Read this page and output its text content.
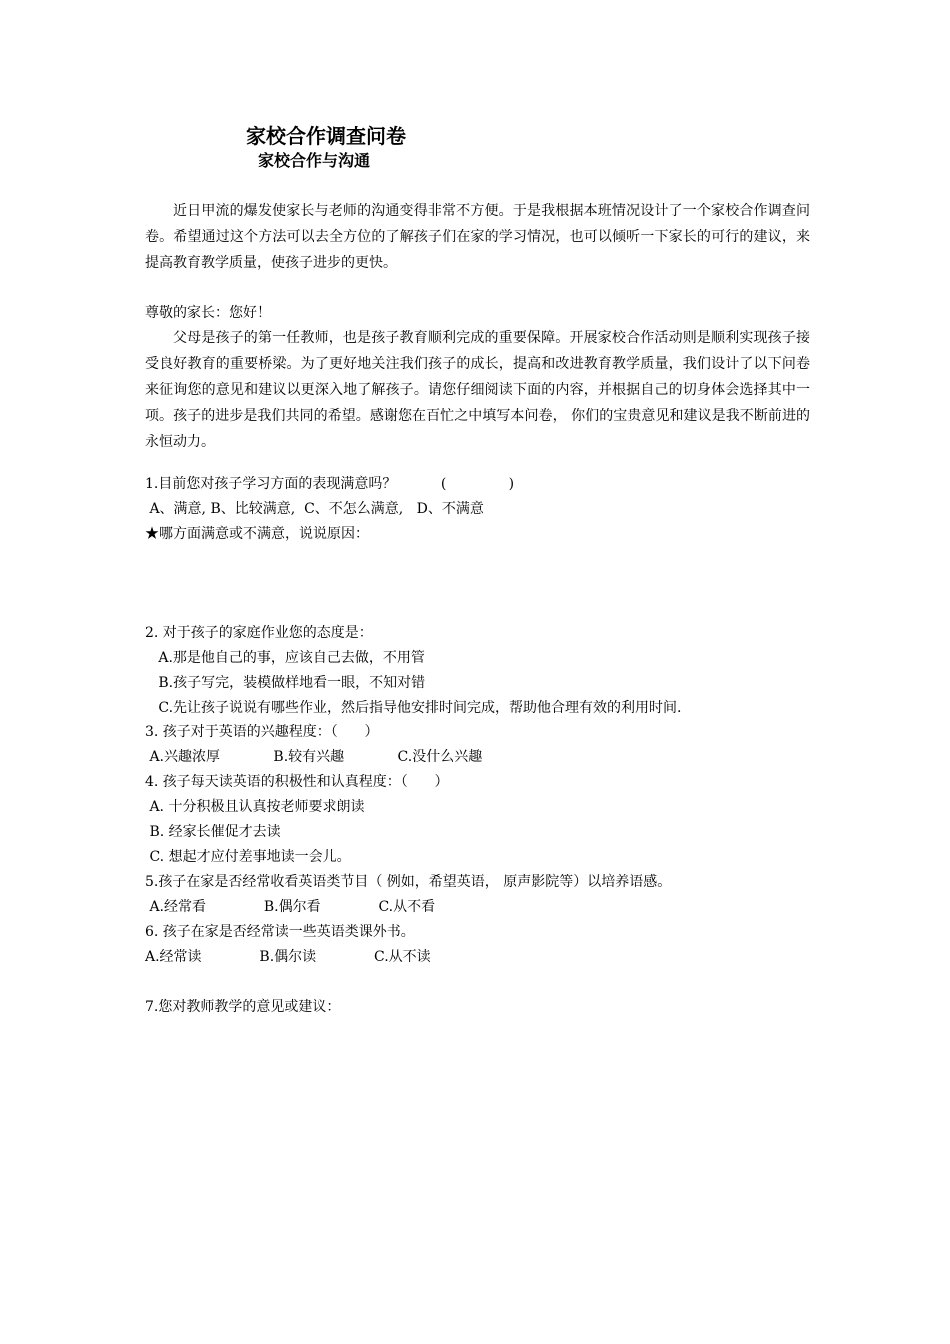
家校合作调查问卷
家校合作与沟通
近日甲流的爆发使家长与老师的沟通变得非常不方便。于是我根据本班情况设计了一个家校合作调查问卷。希望通过这个方法可以去全方位的了解孩子们在家的学习情况，也可以倾听一下家长的可行的建议，来提高教育教学质量，使孩子进步的更快。
尊敬的家长：您好！
父母是孩子的第一任教师，也是孩子教育顺利完成的重要保障。开展家校合作活动则是顺利实现孩子接受良好教育的重要桥梁。为了更好地关注我们孩子的成长，提高和改进教育教学质量，我们设计了以下问卷来征询您的意见和建议以更深入地了解孩子。请您仔细阅读下面的内容，并根据自己的切身体会选择其中一项。孩子的进步是我们共同的希望。感谢您在百忙之中填写本问卷， 你们的宝贵意见和建议是我不断前进的永恒动力。
1.目前您对孩子学习方面的表现满意吗？          (              )
A、满意, B、比较满意,  C、不怎么满意,   D、不满意
★哪方面满意或不满意，说说原因：
2. 对于孩子的家庭作业您的态度是：
A.那是他自己的事，应该自己去做，不用管
B.孩子写完，装模做样地看一眼，不知对错
C.先让孩子说说有哪些作业，然后指导他安排时间完成，帮助他合理有效的利用时间.
3. 孩子对于英语的兴趣程度：（      ）
A.兴趣浓厚            B.较有兴趣            C.没什么兴趣
4. 孩子每天读英语的积极性和认真程度：（      ）
A. 十分积极且认真按老师要求朗读
B. 经家长催促才去读
C. 想起才应付差事地读一会儿。
5.孩子在家是否经常收看英语类节目（ 例如，希望英语， 原声影院等）以培养语感。
A.经常看             B.偶尔看             C.从不看
6. 孩子在家是否经常读一些英语类课外书。
A.经常读             B.偶尔读             C.从不读
7.您对教师教学的意见或建议：
